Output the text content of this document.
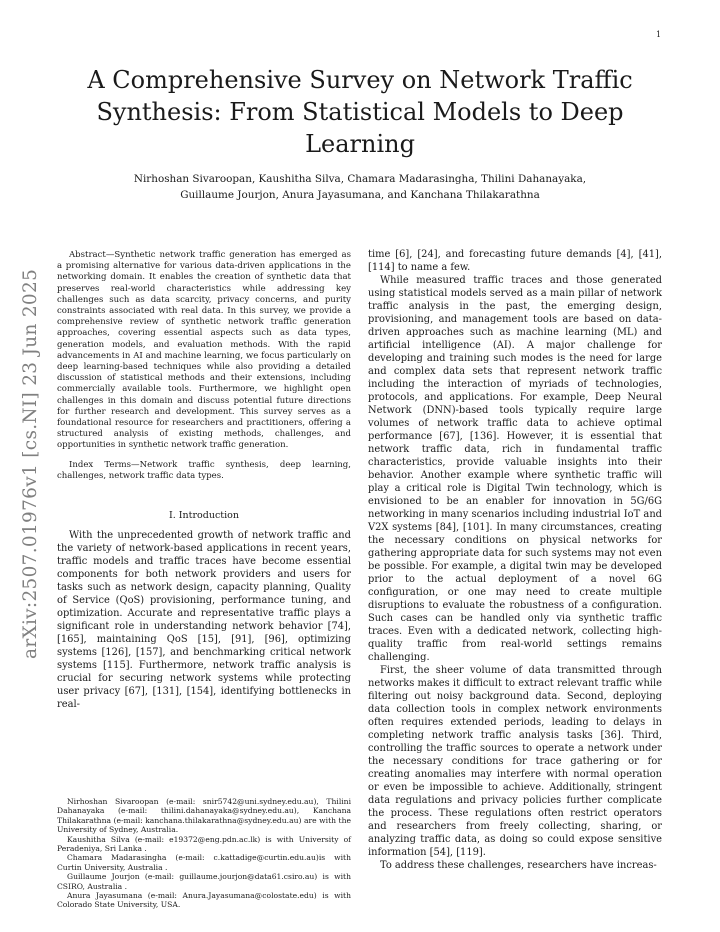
1
arXiv:2507.01976v1 [cs.NI] 23 Jun 2025
A Comprehensive Survey on Network Traffic Synthesis: From Statistical Models to Deep Learning
Nirhoshan Sivaroopan, Kaushitha Silva, Chamara Madarasingha, Thilini Dahanayaka,
Guillaume Jourjon, Anura Jayasumana, and Kanchana Thilakarathna

Abstract—Synthetic network traffic generation has emerged as a promising alternative for various data-driven applications in the networking domain. It enables the creation of synthetic data that preserves real-world characteristics while addressing key challenges such as data scarcity, privacy concerns, and purity constraints associated with real data. In this survey, we provide a comprehensive review of synthetic network traffic generation approaches, covering essential aspects such as data types, generation models, and evaluation methods. With the rapid advancements in AI and machine learning, we focus particularly on deep learning-based techniques while also providing a detailed discussion of statistical methods and their extensions, including commercially available tools. Furthermore, we highlight open challenges in this domain and discuss potential future directions for further research and development. This survey serves as a foundational resource for researchers and practitioners, offering a structured analysis of existing methods, challenges, and opportunities in synthetic network traffic generation.

Index Terms—Network traffic synthesis, deep learning, challenges, network traffic data types.

I. Introduction

With the unprecedented growth of network traffic and the variety of network-based applications in recent years, traffic models and traffic traces have become essential components for both network providers and users for tasks such as network design, capacity planning, Quality of Service (QoS) provisioning, performance tuning, and optimization. Accurate and representative traffic plays a significant role in understanding network behavior [74], [165], maintaining QoS [15], [91], [96], optimizing systems [126], [157], and benchmarking critical network systems [115]. Furthermore, network traffic analysis is crucial for securing network systems while protecting user privacy [67], [131], [154], identifying bottlenecks in real-

Nirhoshan Sivaroopan (e-mail: snir5742@uni.sydney.edu.au), Thilini Dahanayaka (e-mail: thilini.dahanayaka@sydney.edu.au), Kanchana Thilakarathna (e-mail: kanchana.thilakarathna@sydney.edu.au) are with the University of Sydney, Australia.

Kaushitha Silva (e-mail: e19372@eng.pdn.ac.lk) is with University of Peradeniya, Sri Lanka .

Chamara Madarasingha (e-mail: c.kattadige@curtin.edu.au)is with Curtin University, Australia .

Guillaume Jourjon (e-mail: guillaume.jourjon@data61.csiro.au) is with CSIRO, Australia .

Anura Jayasumana (e-mail: Anura.Jayasumana@colostate.edu) is with Colorado State University, USA.

time [6], [24], and forecasting future demands [4], [41], [114] to name a few.

While measured traffic traces and those generated using statistical models served as a main pillar of network traffic analysis in the past, the emerging design, provisioning, and management tools are based on data-driven approaches such as machine learning (ML) and artificial intelligence (AI). A major challenge for developing and training such modes is the need for large and complex data sets that represent network traffic including the interaction of myriads of technologies, protocols, and applications. For example, Deep Neural Network (DNN)-based tools typically require large volumes of network traffic data to achieve optimal performance [67], [136]. However, it is essential that network traffic data, rich in fundamental traffic characteristics, provide valuable insights into their behavior. Another example where synthetic traffic will play a critical role is Digital Twin technology, which is envisioned to be an enabler for innovation in 5G/6G networking in many scenarios including industrial IoT and V2X systems [84], [101]. In many circumstances, creating the necessary conditions on physical networks for gathering appropriate data for such systems may not even be possible. For example, a digital twin may be developed prior to the actual deployment of a novel 6G configuration, or one may need to create multiple disruptions to evaluate the robustness of a configuration. Such cases can be handled only via synthetic traffic traces. Even with a dedicated network, collecting high-quality traffic from real-world settings remains challenging.

First, the sheer volume of data transmitted through networks makes it difficult to extract relevant traffic while filtering out noisy background data. Second, deploying data collection tools in complex network environments often requires extended periods, leading to delays in completing network traffic analysis tasks [36]. Third, controlling the traffic sources to operate a network under the necessary conditions for trace gathering or for creating anomalies may interfere with normal operation or even be impossible to achieve. Additionally, stringent data regulations and privacy policies further complicate the process. These regulations often restrict operators and researchers from freely collecting, sharing, or analyzing traffic data, as doing so could expose sensitive information [54], [119].

To address these challenges, researchers have increas-
